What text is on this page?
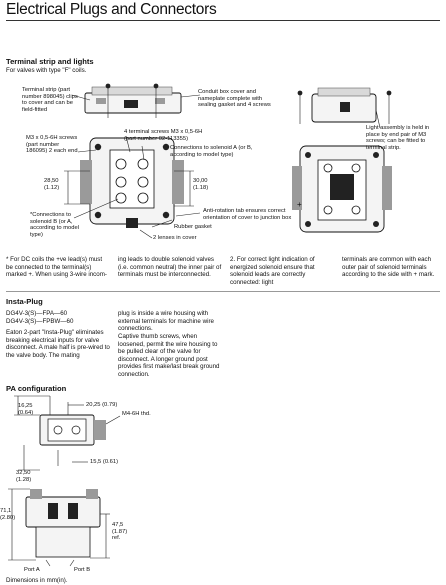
Electrical Plugs and Connectors
Terminal strip and lights
For valves with type "F" coils.
Terminal strip (part number 898045) clips to cover and can be field-fitted
Conduit box cover and nameplate complete with sealing gasket and 4 screws
Light assembly is held in place by end pair of M3 screws; can be fitted to terminal strip.
M3 x 0,5-6H screws (part number 186095) 2 each end
4 terminal screws M3 x 0,5-6H (part number 02-113355)
Connections to solenoid A (or B, according to model type)
28,50 (1.12)
30,00 (1.18)
*Connections to solenoid B (or A, according to model type)
Anti-rotation tab ensures correct orientation of cover to junction box
Rubber gasket
2 lenses in cover
+
* For DC coils the +ve lead(s) must be connected to the terminal(s) marked +. When using 3-wire incom-
ing leads to double solenoid valves (i.e. common neutral) the inner pair of terminals must be interconnected.
2. For correct light indication of energized solenoid ensure that solenoid leads are correctly connected: light
terminals are common with each outer pair of solenoid terminals according to the side with + mark.
Insta-Plug
DG4V-3(S)—FPA—60
DG4V-3(S)—FPBW—60
Eaton 2-part "Insta-Plug" eliminates breaking electrical inputs for valve disconnect. A male half is pre-wired to the valve body. The mating
plug is inside a wire housing with external terminals for machine wire connections.
Captive thumb screws, when loosened, permit the wire housing to be pulled clear of the valve for disconnect. A longer ground post provides first make/last break ground connection.
PA configuration
16,25 (0.64)
20,25 (0.79)
M4-6H thd.
15,5 (0.61)
32,50 (1.28)
71,1 (2.80)
47,5 (1.87) ref.
Port A	Port B
Dimensions in mm(in).
